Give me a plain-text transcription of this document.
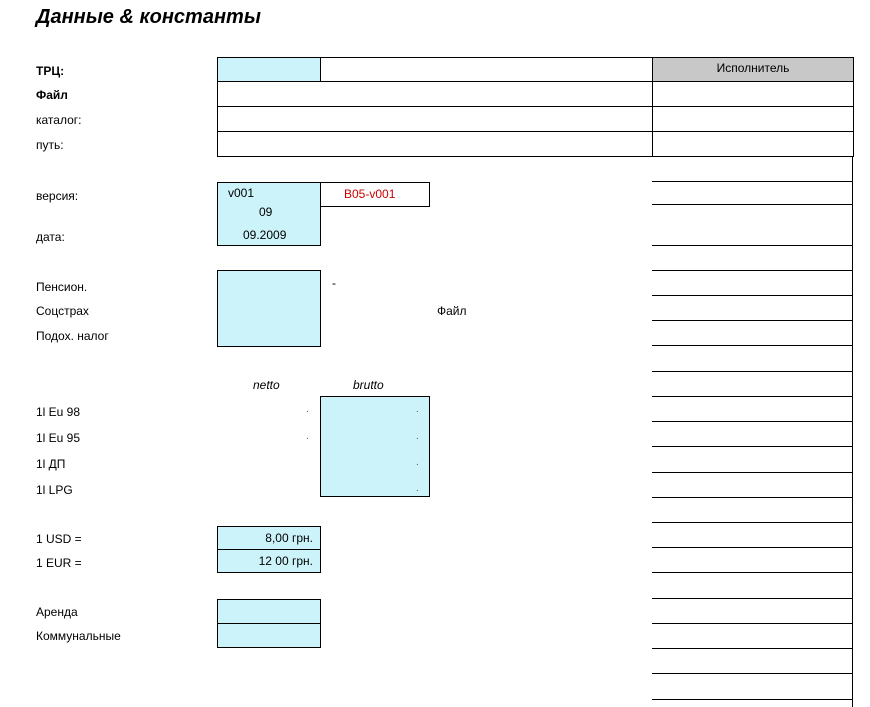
Данные & константы
ТРЦ:
Файл
каталог:
путь:
версия:
дата:
Пенсион.
Соцстрах
Подох. налог
1l Eu 98
1l Eu 95
1l ДП
1l LPG
1 USD =
1 EUR =
Аренда
Коммунальные
Исполнитель
v001
09
09.2009
B05-v001
-
Файл
netto	brutto
.
.
.
.
.
.
8,00 грн.
12 00 грн.
